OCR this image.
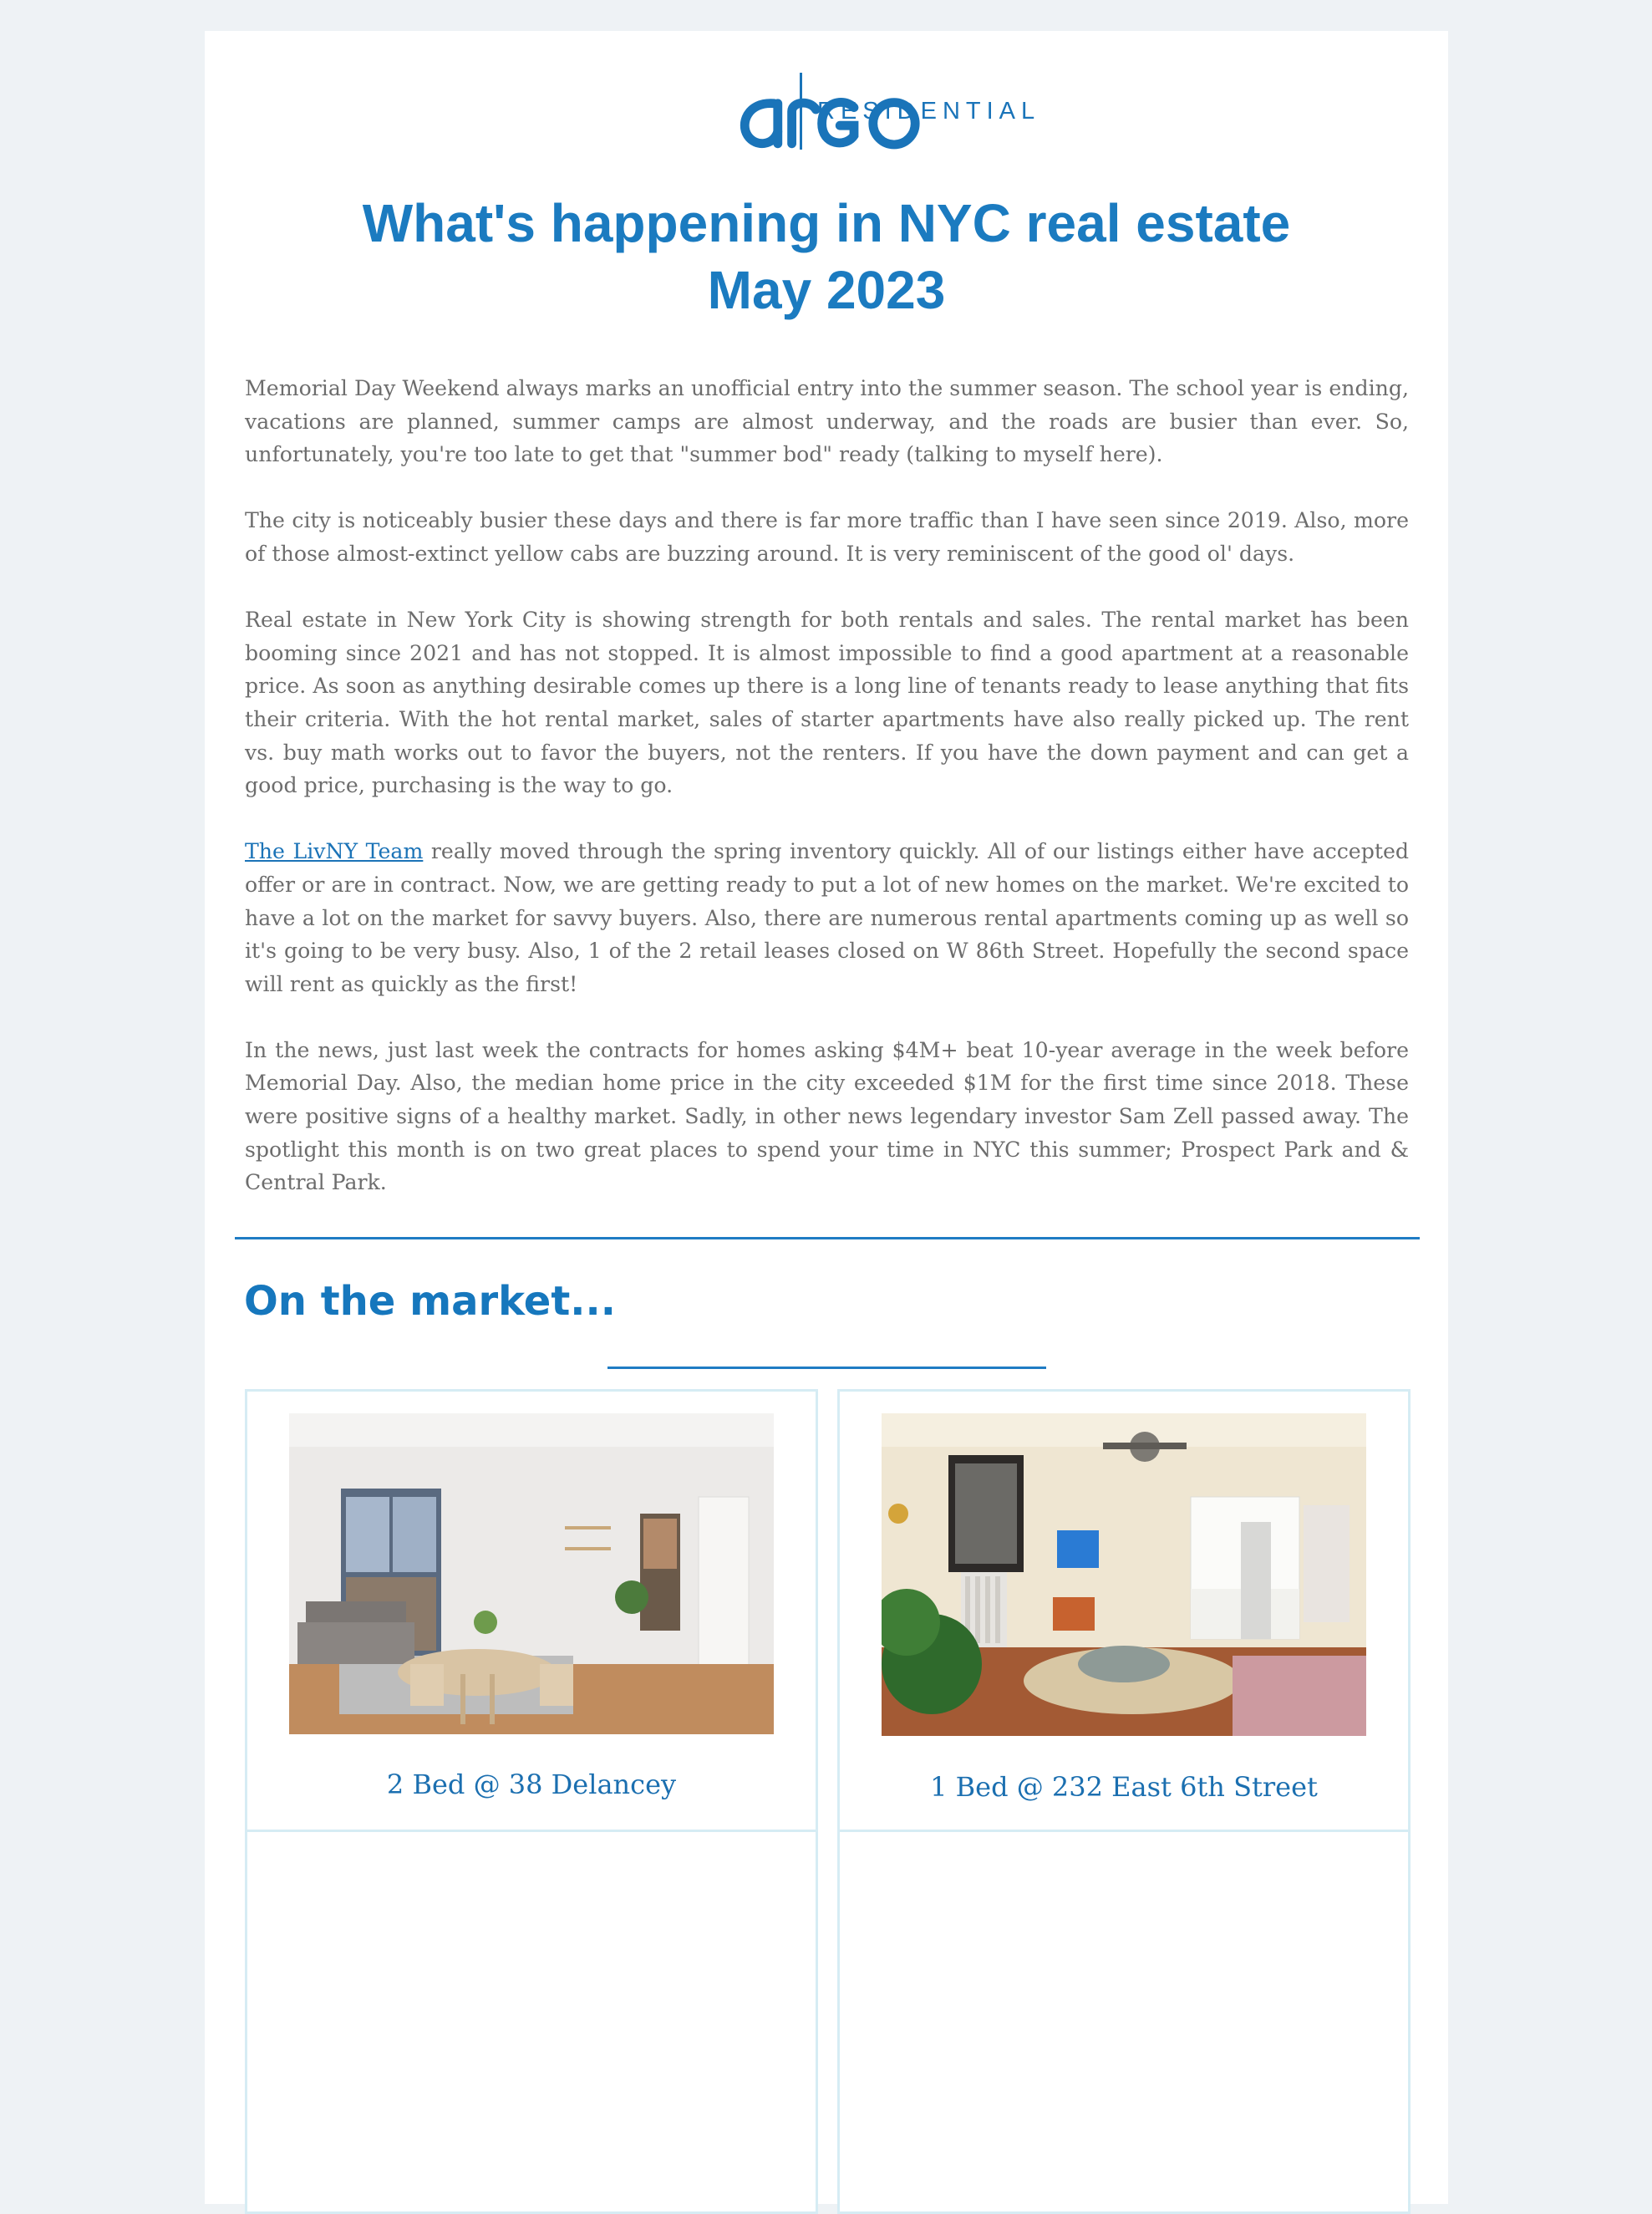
RESIDENTIAL
What's happening in NYC real estate
May 2023

Memorial Day Weekend always marks an unofficial entry into the summer season. The school year is ending, vacations are planned, summer camps are almost underway, and the roads are busier than ever. So, unfortunately, you're too late to get that "summer bod" ready (talking to myself here).

The city is noticeably busier these days and there is far more traffic than I have seen since 2019. Also, more of those almost-extinct yellow cabs are buzzing around. It is very reminiscent of the good ol' days.

Real estate in New York City is showing strength for both rentals and sales. The rental market has been booming since 2021 and has not stopped. It is almost impossible to find a good apartment at a reasonable price. As soon as anything desirable comes up there is a long line of tenants ready to lease anything that fits their criteria. With the hot rental market, sales of starter apartments have also really picked up. The rent vs. buy math works out to favor the buyers, not the renters. If you have the down payment and can get a good price, purchasing is the way to go.

The LivNY Team really moved through the spring inventory quickly. All of our listings either have accepted offer or are in contract. Now, we are getting ready to put a lot of new homes on the market. We're excited to have a lot on the market for savvy buyers. Also, there are numerous rental apartments coming up as well so it's going to be very busy. Also, 1 of the 2 retail leases closed on W 86th Street. Hopefully the second space will rent as quickly as the first!

In the news, just last week the contracts for homes asking $4M+ beat 10-year average in the week before Memorial Day. Also, the median home price in the city exceeded $1M for the first time since 2018. These were positive signs of a healthy market. Sadly, in other news legendary investor Sam Zell passed away. The spotlight this month is on two great places to spend your time in NYC this summer; Prospect Park and & Central Park.

On the market...
2 Bed @ 38 Delancey	1 Bed @ 232 East 6th Street
